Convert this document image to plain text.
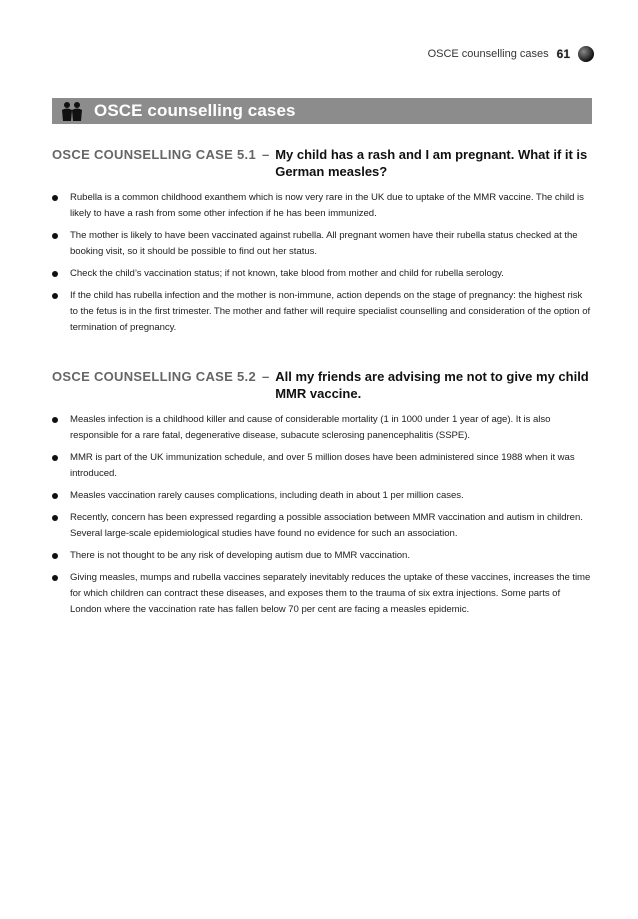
OSCE counselling cases 61
OSCE counselling cases
OSCE COUNSELLING CASE 5.1 – My child has a rash and I am pregnant. What if it is German measles?
Rubella is a common childhood exanthem which is now very rare in the UK due to uptake of the MMR vaccine. The child is likely to have a rash from some other infection if he has been immunized.
The mother is likely to have been vaccinated against rubella. All pregnant women have their rubella status checked at the booking visit, so it should be possible to find out her status.
Check the child’s vaccination status; if not known, take blood from mother and child for rubella serology.
If the child has rubella infection and the mother is non-immune, action depends on the stage of pregnancy: the highest risk to the fetus is in the first trimester. The mother and father will require specialist counselling and consideration of the option of termination of pregnancy.
OSCE COUNSELLING CASE 5.2 – All my friends are advising me not to give my child MMR vaccine.
Measles infection is a childhood killer and cause of considerable mortality (1 in 1000 under 1 year of age). It is also responsible for a rare fatal, degenerative disease, subacute sclerosing panencephalitis (SSPE).
MMR is part of the UK immunization schedule, and over 5 million doses have been administered since 1988 when it was introduced.
Measles vaccination rarely causes complications, including death in about 1 per million cases.
Recently, concern has been expressed regarding a possible association between MMR vaccination and autism in children. Several large-scale epidemiological studies have found no evidence for such an association.
There is not thought to be any risk of developing autism due to MMR vaccination.
Giving measles, mumps and rubella vaccines separately inevitably reduces the uptake of these vaccines, increases the time for which children can contract these diseases, and exposes them to the trauma of six extra injections. Some parts of London where the vaccination rate has fallen below 70 per cent are facing a measles epidemic.
